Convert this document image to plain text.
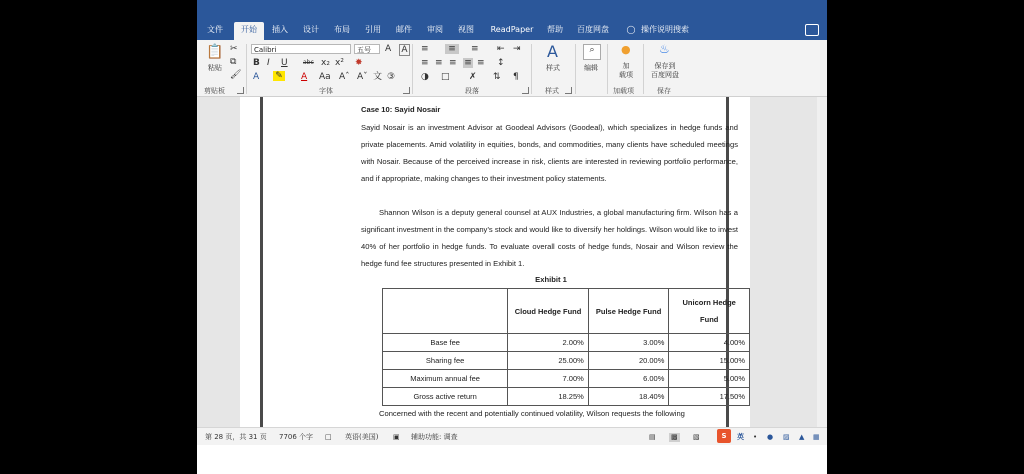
文件	开始	插入	设计	布局	引用	邮件	审阅	视图	ReadPaper	帮助	百度网盘 ◯ 操作说明搜索
📋
粘贴
✂
⧉
🖌
剪贴板
Calibri	五号	A A
B I U	abc x₂ x² ✸
A ✎ A Aa Aˆ Aˇ 文 ③
字体
≡	≡	≡ ⇤ ⇥
≡ ≡ ≡ ≡ ≡ ↕
◑ □ ✗ ⇅ ¶
段落
A
样式
样式
⌕
编辑
●
加
载项
加载项
♨
保存到
百度网盘
保存
Case 10: Sayid Nosair
Sayid Nosair is an investment Advisor at Goodeal Advisors (Goodeal), which specializes in hedge funds and private placements. Amid volatility in equities, bonds, and commodities, many clients have scheduled meetings with Nosair. Because of the perceived increase in risk, clients are interested in reviewing portfolio performance, and if appropriate, making changes to their investment policy statements.
Shannon Wilson is a deputy general counsel at AUX Industries, a global manufacturing firm. Wilson has a significant investment in the company’s stock and would like to diversify her holdings. Wilson would like to invest 40% of her portfolio in hedge funds. To evaluate overall costs of hedge funds, Nosair and Wilson review the hedge fund fee structures presented in Exhibit 1.
Exhibit 1
	Cloud Hedge Fund	Pulse Hedge Fund	Unicorn Hedge Fund
Base fee	2.00%	3.00%	4.00%
Sharing fee	25.00%	20.00%	15.00%
Maximum annual fee	7.00%	6.00%	5.00%
Gross active return	18.25%	18.40%	17.50%
Concerned with the recent and potentially continued volatility, Wilson requests the following
第 28 页，共 31 页 7706 个字 □ 英语(美国) ▣ 辅助功能: 调查	▤ ▩ ▧	S	英 • ● ▨ ▲ ▦
